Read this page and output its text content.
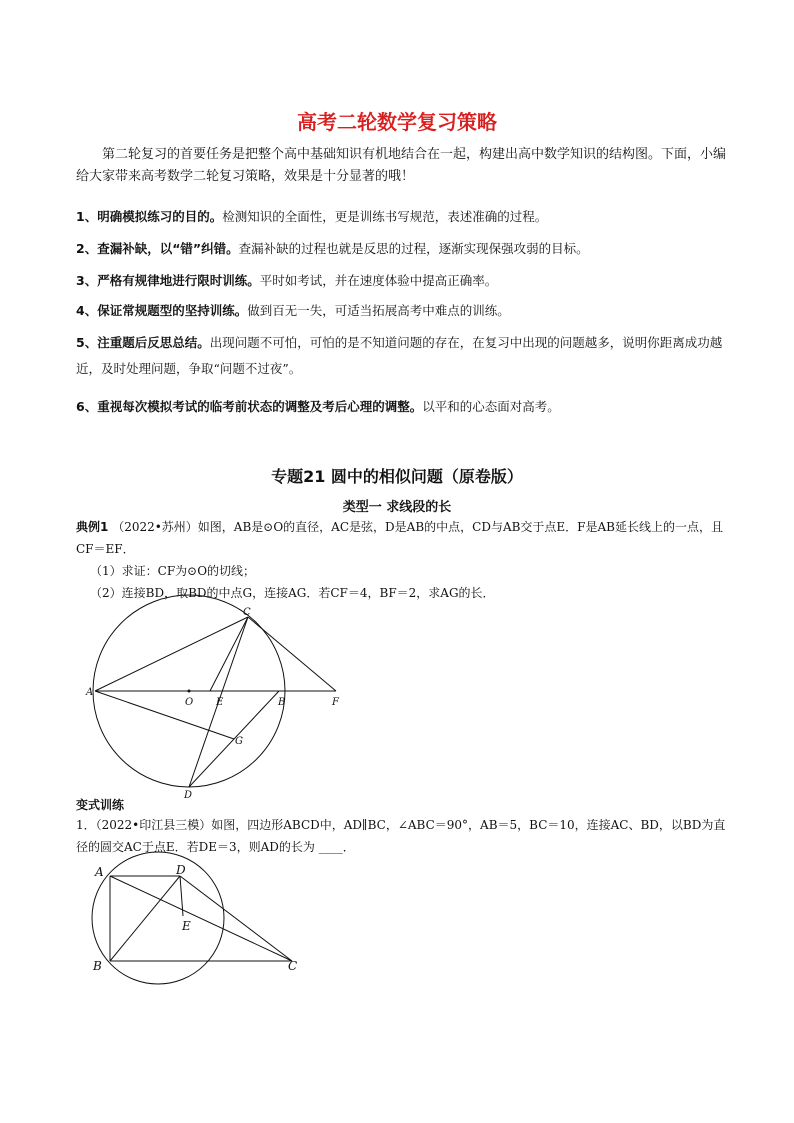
高考二轮数学复习策略
第二轮复习的首要任务是把整个高中基础知识有机地结合在一起，构建出高中数学知识的结构图。下面，小编给大家带来高考数学二轮复习策略，效果是十分显著的哦！
1、明确模拟练习的目的。检测知识的全面性，更是训练书写规范，表述准确的过程。
2、查漏补缺，以“错”纠错。查漏补缺的过程也就是反思的过程，逐渐实现保强攻弱的目标。
3、严格有规律地进行限时训练。平时如考试，并在速度体验中提高正确率。
4、保证常规题型的坚持训练。做到百无一失，可适当拓展高考中难点的训练。
5、注重题后反思总结。出现问题不可怕，可怕的是不知道问题的存在，在复习中出现的问题越多，说明你距离成功越近，及时处理问题，争取“问题不过夜”。
6、重视每次模拟考试的临考前状态的调整及考后心理的调整。以平和的心态面对高考。
专题21 圆中的相似问题（原卷版）
类型一 求线段的长
典例1 （2022•苏州）如图，AB是⊙O的直径，AC是弦，D是AB的中点，CD与AB交于点E．F是AB延长线上的一点，且CF＝EF．
（1）求证：CF为⊙O的切线；
（2）连接BD，取BD的中点G，连接AG．若CF＝4，BF＝2，求AG的长．
A
O E	B	F
C
G
D
变式训练
1．（2022•印江县三模）如图，四边形ABCD中，AD∥BC，∠ABC＝90°，AB＝5，BC＝10，连接AC、BD，以BD为直径的圆交AC于点E．若DE＝3，则AD的长为 ____．
A	D
E
B	C
